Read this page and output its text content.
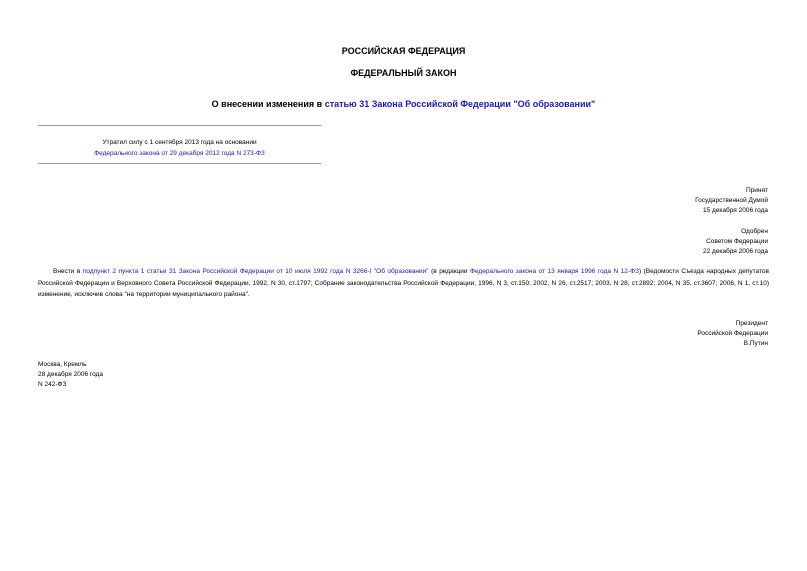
РОССИЙСКАЯ ФЕДЕРАЦИЯ
ФЕДЕРАЛЬНЫЙ ЗАКОН
О внесении изменения в статью 31 Закона Российской Федерации "Об образовании"
Утратил силу с 1 сентября 2013 года на основании
Федерального закона от 29 декабря 2012 года N 273-ФЗ
Принят
Государственной Думой
15 декабря 2006 года
Одобрен
Советом Федерации
22 декабря 2006 года
Внести в подпункт 2 пункта 1 статьи 31 Закона Российской Федерации от 10 июля 1992 года N 3266-I "Об образовании" (в редакции Федерального закона от 13 января 1996 года N 12-ФЗ) (Ведомости Съезда народных депутатов Российской Федерации и Верховного Совета Российской Федерации, 1992, N 30, ст.1797; Собрание законодательства Российской Федерации, 1996, N 3, ст.150; 2002, N 26, ст.2517; 2003, N 28, ст.2892; 2004, N 35, ст.3607; 2006, N 1, ст.10) изменение, исключив слова "на территории муниципального района".
Президент
Российской Федерации
В.Путин
Москва, Кремль
28 декабря 2006 года
N 242-ФЗ
